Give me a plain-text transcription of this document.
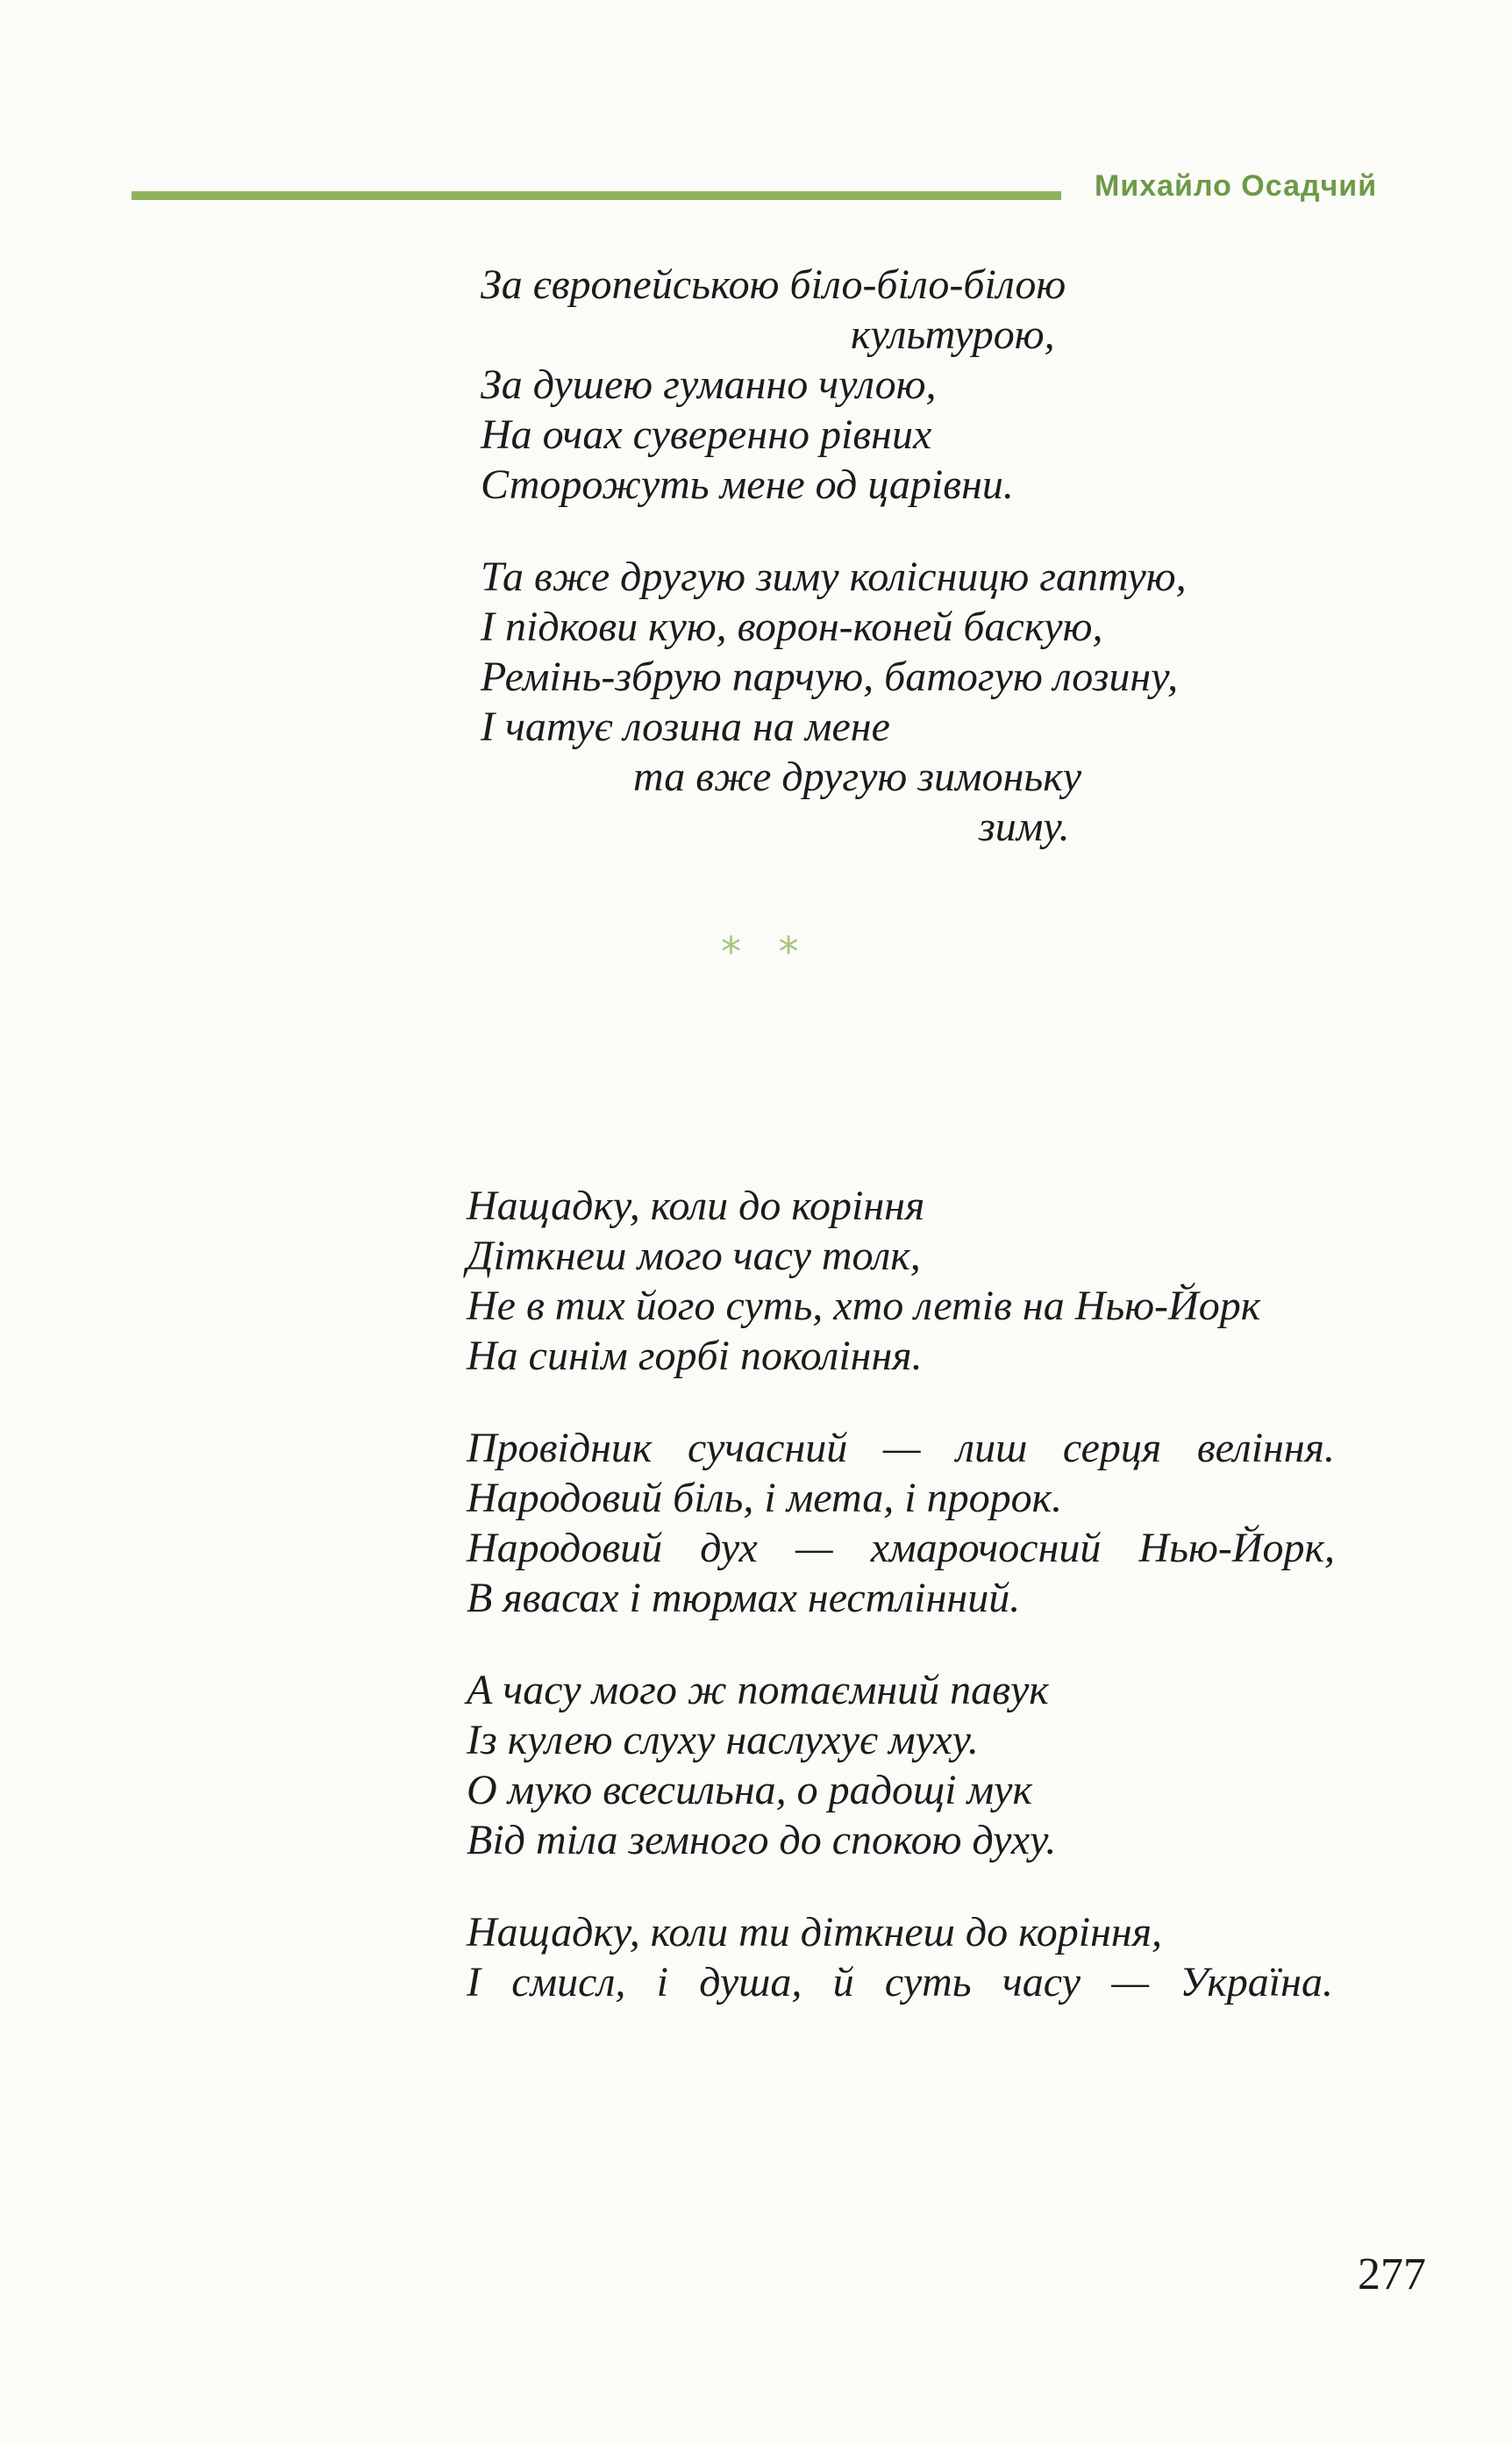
Михайло Осадчий
За європейською біло-біло-білою
культурою,
За душею гуманно чулою,
На очах суверенно рівних
Сторожуть мене од царівни.
Та вже другую зиму колісницю гаптую,
І підкови кую, ворон-коней баскую,
Ремінь-збрую парчую, батогую лозину,
І чатує лозина на мене
та вже другую зимоньку
зиму.
* *
Нащадку, коли до коріння
Діткнеш мого часу толк,
Не в тих його суть, хто летів на Нью-Йорк
На синім горбі покоління.
Провідник сучасний — лиш серця веління.
Народовий біль, і мета, і пророк.
Народовий дух — хмарочосний Нью-Йорк,
В явасах і тюрмах нестлінний.
А часу мого ж потаємний павук
Із кулею слуху наслухує муху.
О муко всесильна, о радощі мук
Від тіла земного до спокою духу.
Нащадку, коли ти діткнеш до коріння,
І смисл, і душа, й суть часу — Україна.
277
